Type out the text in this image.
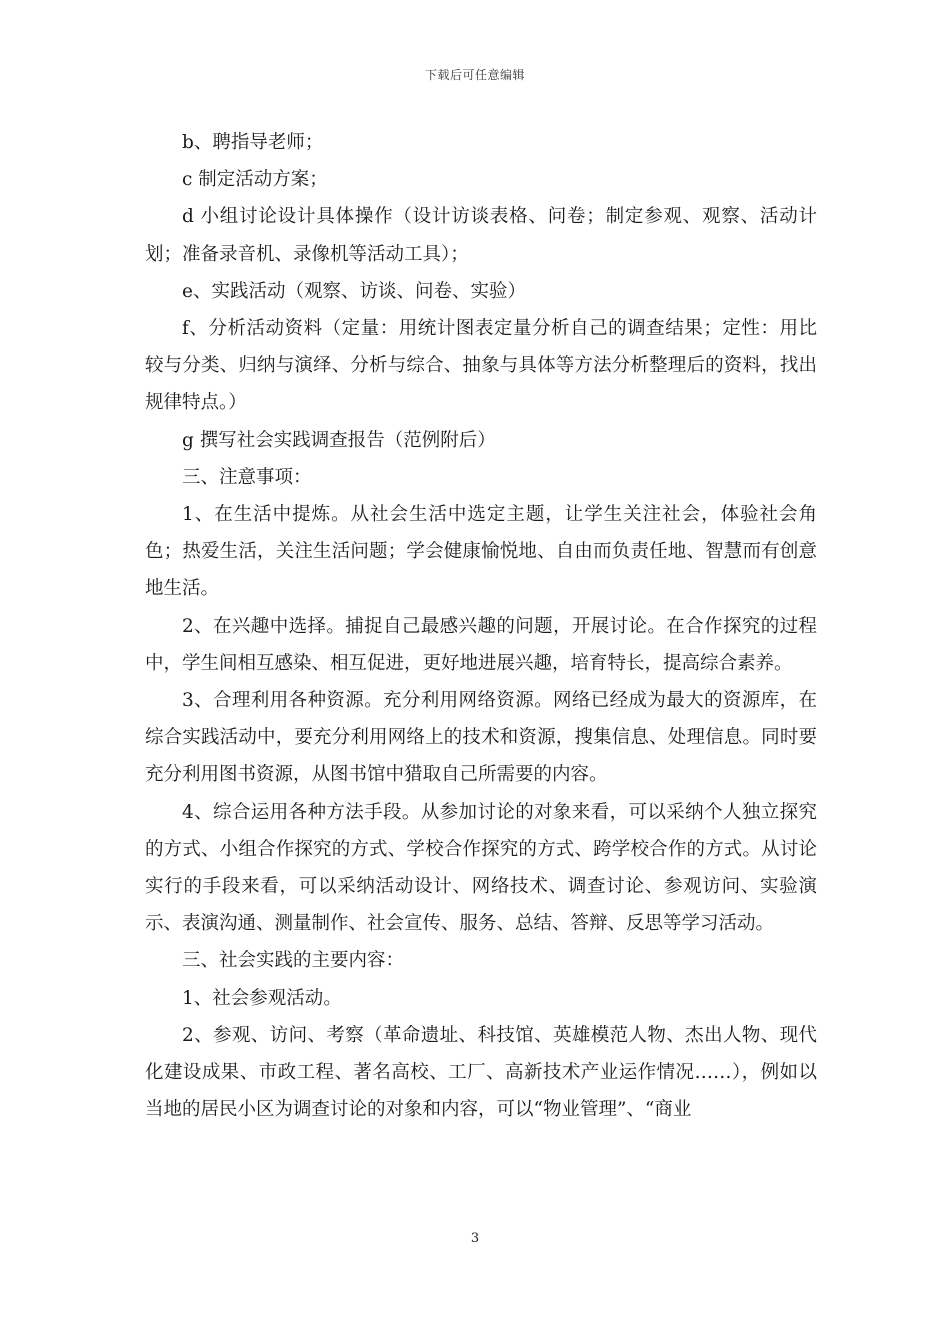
下载后可任意编辑

b、聘指导老师；

c 制定活动方案；

d 小组讨论设计具体操作（设计访谈表格、问卷；制定参观、观察、活动计划；准备录音机、录像机等活动工具）；

e、实践活动（观察、访谈、问卷、实验）

f、分析活动资料（定量：用统计图表定量分析自己的调查结果；定性：用比较与分类、归纳与演绎、分析与综合、抽象与具体等方法分析整理后的资料，找出规律特点。）

g 撰写社会实践调查报告（范例附后）

三、注意事项：

1、在生活中提炼。从社会生活中选定主题，让学生关注社会，体验社会角色；热爱生活，关注生活问题；学会健康愉悦地、自由而负责任地、智慧而有创意地生活。

2、在兴趣中选择。捕捉自己最感兴趣的问题，开展讨论。在合作探究的过程中，学生间相互感染、相互促进，更好地进展兴趣，培育特长，提高综合素养。

3、合理利用各种资源。充分利用网络资源。网络已经成为最大的资源库，在综合实践活动中，要充分利用网络上的技术和资源，搜集信息、处理信息。同时要充分利用图书资源，从图书馆中猎取自己所需要的内容。

4、综合运用各种方法手段。从参加讨论的对象来看，可以采纳个人独立探究的方式、小组合作探究的方式、学校合作探究的方式、跨学校合作的方式。从讨论实行的手段来看，可以采纳活动设计、网络技术、调查讨论、参观访问、实验演示、表演沟通、测量制作、社会宣传、服务、总结、答辩、反思等学习活动。

三、社会实践的主要内容：

1、社会参观活动。

2、参观、访问、考察（革命遗址、科技馆、英雄模范人物、杰出人物、现代化建设成果、市政工程、著名高校、工厂、高新技术产业运作情况……），例如以当地的居民小区为调查讨论的对象和内容，可以“物业管理”、“商业

3
